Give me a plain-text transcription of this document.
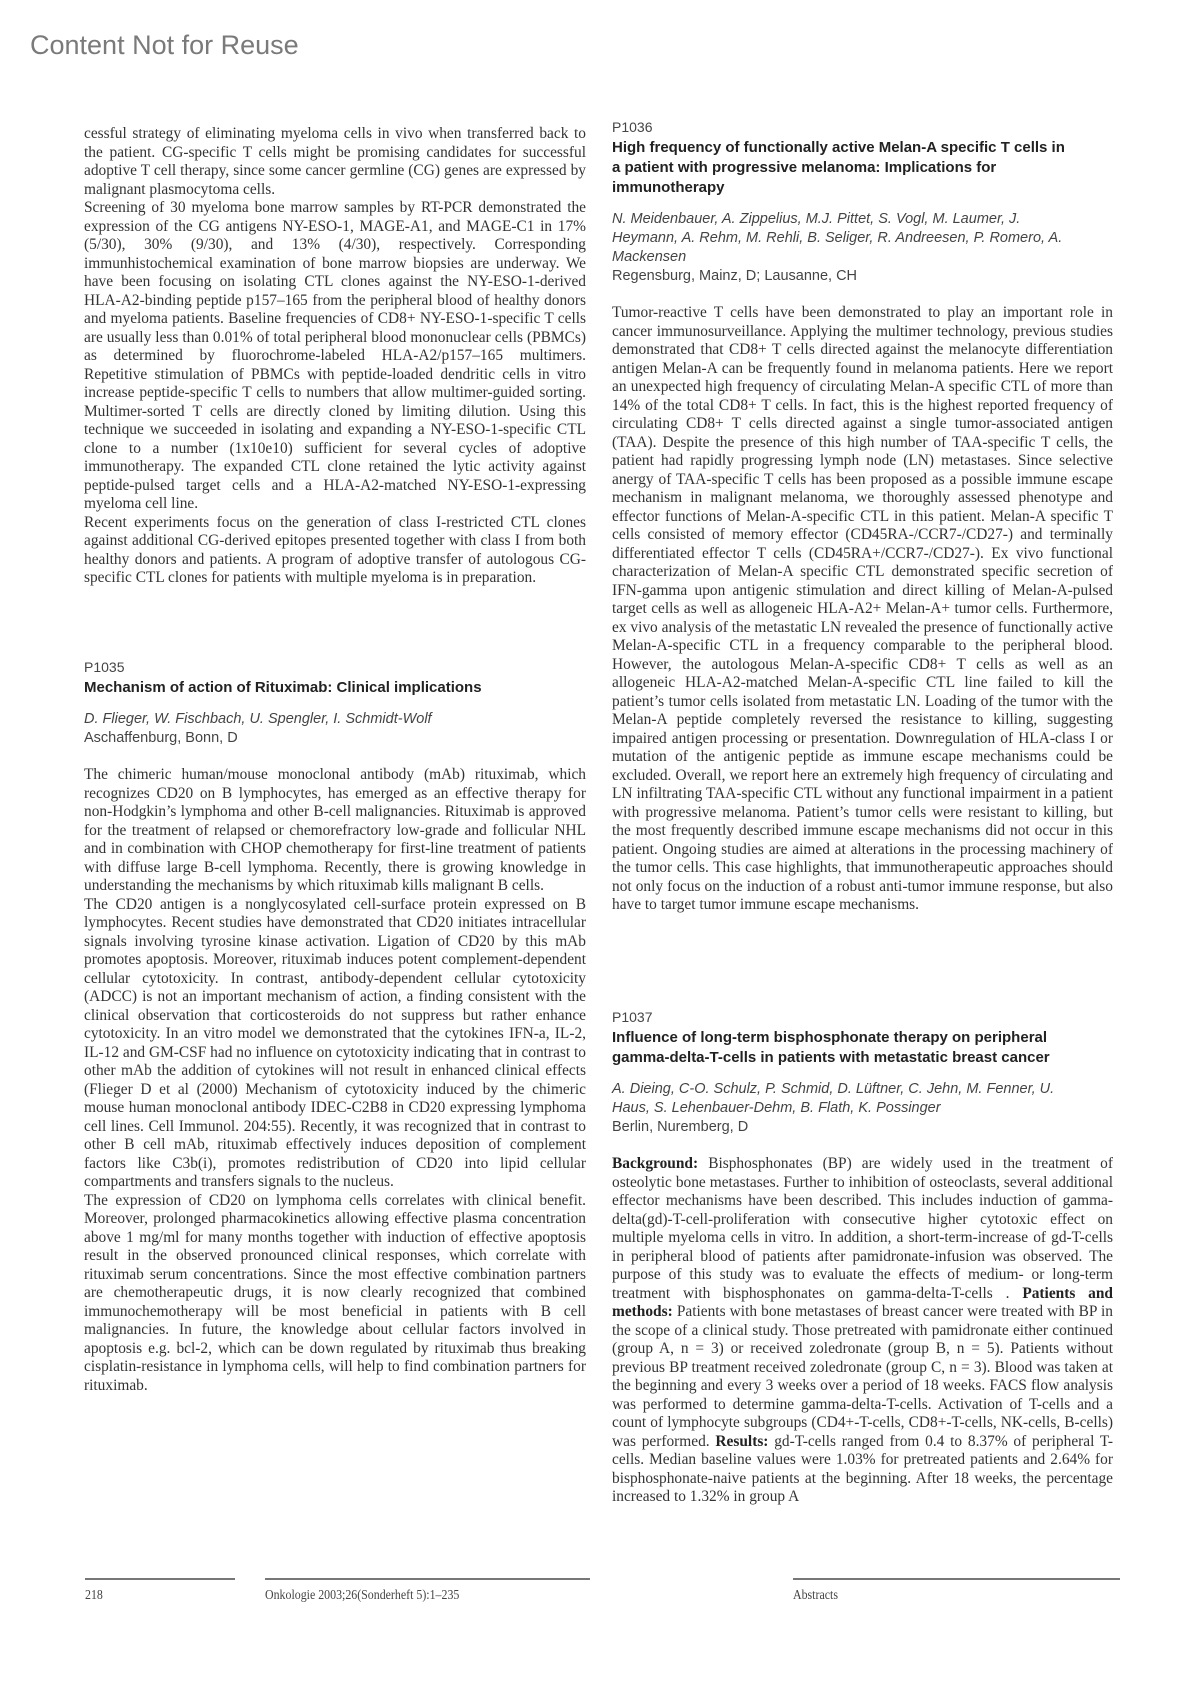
Content Not for Reuse

cessful strategy of eliminating myeloma cells in vivo when transferred back to the patient. CG-specific T cells might be promising candidates for successful adoptive T cell therapy, since some cancer germline (CG) genes are expressed by malignant plasmocytoma cells.

Screening of 30 myeloma bone marrow samples by RT-PCR demonstrated the expression of the CG antigens NY-ESO-1, MAGE-A1, and MAGE-C1 in 17% (5/30), 30% (9/30), and 13% (4/30), respectively. Corresponding immunhistochemical examination of bone marrow biopsies are underway. We have been focusing on isolating CTL clones against the NY-ESO-1-derived HLA-A2-binding peptide p157–165 from the peripheral blood of healthy donors and myeloma patients. Baseline frequencies of CD8+ NY-ESO-1-specific T cells are usually less than 0.01% of total peripheral blood mononuclear cells (PBMCs) as determined by fluorochrome-labeled HLA-A2/p157–165 multimers. Repetitive stimulation of PBMCs with peptide-loaded dendritic cells in vitro increase peptide-specific T cells to numbers that allow multimer-guided sorting. Multimer-sorted T cells are directly cloned by limiting dilution. Using this technique we succeeded in isolating and expanding a NY-ESO-1-specific CTL clone to a number (1x10e10) sufficient for several cycles of adoptive immunotherapy. The expanded CTL clone retained the lytic activity against peptide-pulsed target cells and a HLA-A2-matched NY-ESO-1-expressing myeloma cell line.

Recent experiments focus on the generation of class I-restricted CTL clones against additional CG-derived epitopes presented together with class I from both healthy donors and patients. A program of adoptive transfer of autologous CG-specific CTL clones for patients with multiple myeloma is in preparation.

P1035
Mechanism of action of Rituximab: Clinical implications
D. Flieger, W. Fischbach, U. Spengler, I. Schmidt-Wolf
Aschaffenburg, Bonn, D

The chimeric human/mouse monoclonal antibody (mAb) rituximab, which recognizes CD20 on B lymphocytes, has emerged as an effective therapy for non-Hodgkin’s lymphoma and other B-cell malignancies. Rituximab is approved for the treatment of relapsed or chemorefractory low-grade and follicular NHL and in combination with CHOP chemotherapy for first-line treatment of patients with diffuse large B-cell lymphoma. Recently, there is growing knowledge in understanding the mechanisms by which rituximab kills malignant B cells.

The CD20 antigen is a nonglycosylated cell-surface protein expressed on B lymphocytes. Recent studies have demonstrated that CD20 initiates intracellular signals involving tyrosine kinase activation. Ligation of CD20 by this mAb promotes apoptosis. Moreover, rituximab induces potent complement-dependent cellular cytotoxicity. In contrast, antibody-dependent cellular cytotoxicity (ADCC) is not an important mechanism of action, a finding consistent with the clinical observation that corticosteroids do not suppress but rather enhance cytotoxicity. In an vitro model we demonstrated that the cytokines IFN-a, IL-2, IL-12 and GM-CSF had no influence on cytotoxicity indicating that in contrast to other mAb the addition of cytokines will not result in enhanced clinical effects (Flieger D et al (2000) Mechanism of cytotoxicity induced by the chimeric mouse human monoclonal antibody IDEC-C2B8 in CD20 expressing lymphoma cell lines. Cell Immunol. 204:55). Recently, it was recognized that in contrast to other B cell mAb, rituximab effectively induces deposition of complement factors like C3b(i), promotes redistribution of CD20 into lipid cellular compartments and transfers signals to the nucleus.

The expression of CD20 on lymphoma cells correlates with clinical benefit. Moreover, prolonged pharmacokinetics allowing effective plasma concentration above 1 mg/ml for many months together with induction of effective apoptosis result in the observed pronounced clinical responses, which correlate with rituximab serum concentrations. Since the most effective combination partners are chemotherapeutic drugs, it is now clearly recognized that combined immunochemotherapy will be most beneficial in patients with B cell malignancies. In future, the knowledge about cellular factors involved in apoptosis e.g. bcl-2, which can be down regulated by rituximab thus breaking cisplatin-resistance in lymphoma cells, will help to find combination partners for rituximab.

P1036
High frequency of functionally active Melan-A specific T cells in a patient with progressive melanoma: Implications for immunotherapy
N. Meidenbauer, A. Zippelius, M.J. Pittet, S. Vogl, M. Laumer, J. Heymann, A. Rehm, M. Rehli, B. Seliger, R. Andreesen, P. Romero, A. Mackensen
Regensburg, Mainz, D; Lausanne, CH

Tumor-reactive T cells have been demonstrated to play an important role in cancer immunosurveillance. Applying the multimer technology, previous studies demonstrated that CD8+ T cells directed against the melanocyte differentiation antigen Melan-A can be frequently found in melanoma patients. Here we report an unexpected high frequency of circulating Melan-A specific CTL of more than 14% of the total CD8+ T cells. In fact, this is the highest reported frequency of circulating CD8+ T cells directed against a single tumor-associated antigen (TAA). Despite the presence of this high number of TAA-specific T cells, the patient had rapidly progressing lymph node (LN) metastases. Since selective anergy of TAA-specific T cells has been proposed as a possible immune escape mechanism in malignant melanoma, we thoroughly assessed phenotype and effector functions of Melan-A-specific CTL in this patient. Melan-A specific T cells consisted of memory effector (CD45RA-/CCR7-/CD27-) and terminally differentiated effector T cells (CD45RA+/CCR7-/CD27-). Ex vivo functional characterization of Melan-A specific CTL demonstrated specific secretion of IFN-gamma upon antigenic stimulation and direct killing of Melan-A-pulsed target cells as well as allogeneic HLA-A2+ Melan-A+ tumor cells. Furthermore, ex vivo analysis of the metastatic LN revealed the presence of functionally active Melan-A-specific CTL in a frequency comparable to the peripheral blood. However, the autologous Melan-A-specific CD8+ T cells as well as an allogeneic HLA-A2-matched Melan-A-specific CTL line failed to kill the patient’s tumor cells isolated from metastatic LN. Loading of the tumor with the Melan-A peptide completely reversed the resistance to killing, suggesting impaired antigen processing or presentation. Downregulation of HLA-class I or mutation of the antigenic peptide as immune escape mechanisms could be excluded. Overall, we report here an extremely high frequency of circulating and LN infiltrating TAA-specific CTL without any functional impairment in a patient with progressive melanoma. Patient’s tumor cells were resistant to killing, but the most frequently described immune escape mechanisms did not occur in this patient. Ongoing studies are aimed at alterations in the processing machinery of the tumor cells. This case highlights, that immunotherapeutic approaches should not only focus on the induction of a robust anti-tumor immune response, but also have to target tumor immune escape mechanisms.

P1037
Influence of long-term bisphosphonate therapy on peripheral gamma-delta-T-cells in patients with metastatic breast cancer
A. Dieing, C-O. Schulz, P. Schmid, D. Lüftner, C. Jehn, M. Fenner, U. Haus, S. Lehenbauer-Dehm, B. Flath, K. Possinger
Berlin, Nuremberg, D

Background: Bisphosphonates (BP) are widely used in the treatment of osteolytic bone metastases. Further to inhibition of osteoclasts, several additional effector mechanisms have been described. This includes induction of gamma-delta(gd)-T-cell-proliferation with consecutive higher cytotoxic effect on multiple myeloma cells in vitro. In addition, a short-term-increase of gd-T-cells in peripheral blood of patients after pamidronate-infusion was observed. The purpose of this study was to evaluate the effects of medium- or long-term treatment with bisphosphonates on gamma-delta-T-cells . Patients and methods: Patients with bone metastases of breast cancer were treated with BP in the scope of a clinical study. Those pretreated with pamidronate either continued (group A, n = 3) or received zoledronate (group B, n = 5). Patients without previous BP treatment received zoledronate (group C, n = 3). Blood was taken at the beginning and every 3 weeks over a period of 18 weeks. FACS flow analysis was performed to determine gamma-delta-T-cells. Activation of T-cells and a count of lymphocyte subgroups (CD4+-T-cells, CD8+-T-cells, NK-cells, B-cells) was performed. Results: gd-T-cells ranged from 0.4 to 8.37% of peripheral T-cells. Median baseline values were 1.03% for pretreated patients and 2.64% for bisphosphonate-naive patients at the beginning. After 18 weeks, the percentage increased to 1.32% in group A

218	Onkologie 2003;26(Sonderheft 5):1–235	Abstracts
